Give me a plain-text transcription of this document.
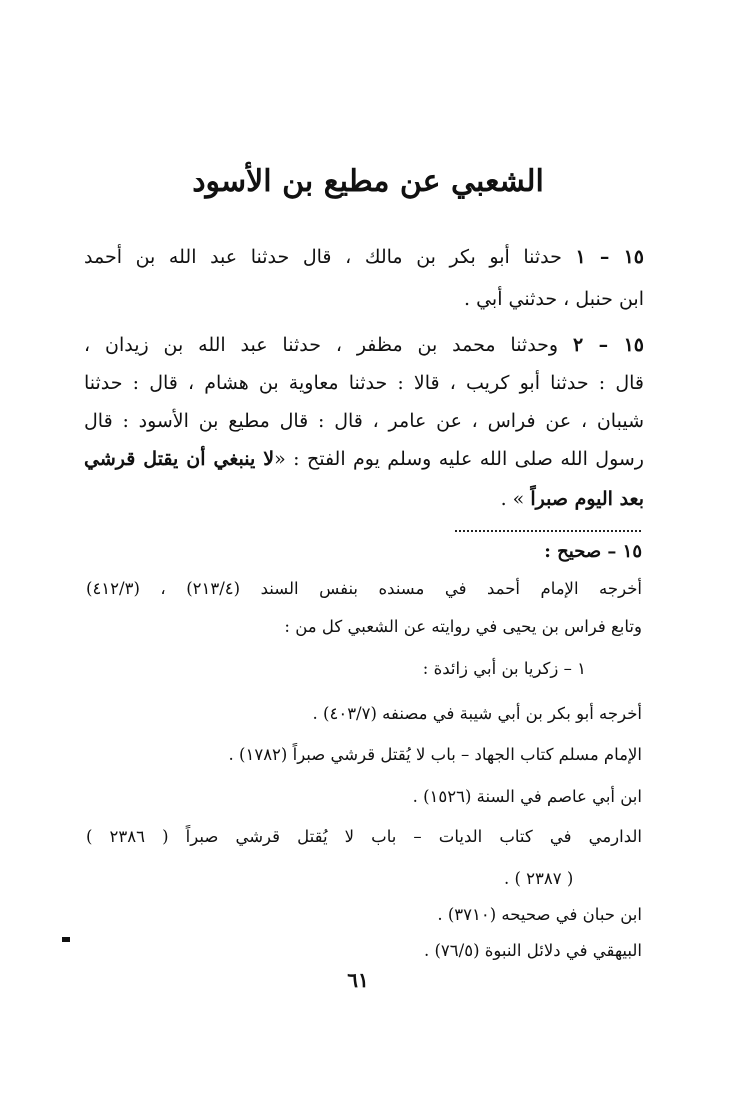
الشعبي عن مطيع بن الأسود
١٥ – ١ حدثنا أبو بكر بن مالك ، قال حدثنا عبد الله بن أحمد
ابن حنبل ، حدثني أبي .
١٥ – ٢ وحدثنا محمد بن مظفر ، حدثنا عبد الله بن زيدان ،
قال : حدثنا أبو كريب ، قالا : حدثنا معاوية بن هشام ، قال : حدثنا
شيبان ، عن فراس ، عن عامر ، قال : قال مطيع بن الأسود : قال
رسول الله صلى الله عليه وسلم يوم الفتح : «لا ينبغي أن يقتل قرشي
بعد اليوم صبراً » .
١٥ – صحيح :
أخرجه الإمام أحمد في مسنده بنفس السند (٢١٣/٤) ، (٤١٢/٣)
وتابع فراس بن يحيى في روايته عن الشعبي كل من :
١ – زكريا بن أبي زائدة :
أخرجه أبو بكر بن أبي شيبة في مصنفه (٤٠٣/٧) .
الإمام مسلم كتاب الجهاد – باب لا يُقتل قرشي صبراً (١٧٨٢) .
ابن أبي عاصم في السنة (١٥٢٦) .
الدارمي في كتاب الديات – باب لا يُقتل قرشي صبراً ( ٢٣٨٦ )
( ٢٣٨٧ ) .
ابن حبان في صحيحه (٣٧١٠) .
البيهقي في دلائل النبوة (٧٦/٥) .
٦١
